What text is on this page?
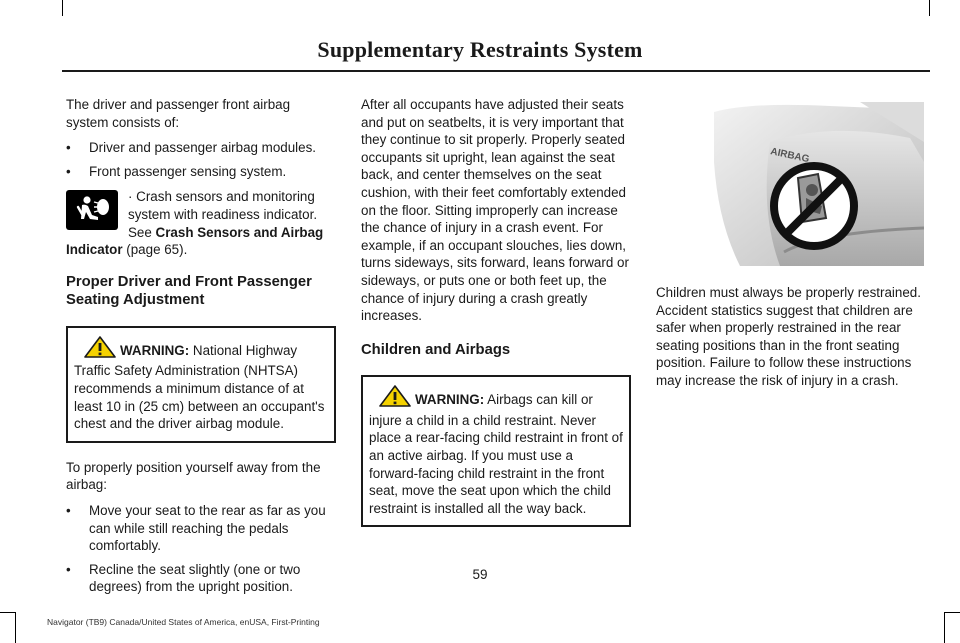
Supplementary Restraints System

The driver and passenger front airbag system consists of:

• Driver and passenger airbag modules.
• Front passenger sensing system.

· Crash sensors and monitoring system with readiness indicator. See Crash Sensors and Airbag Indicator (page 65).

Proper Driver and Front Passenger Seating Adjustment
WARNING: National Highway Traffic Safety Administration (NHTSA) recommends a minimum distance of at least 10 in (25 cm) between an occupant's chest and the driver airbag module.

To properly position yourself away from the airbag:

• Move your seat to the rear as far as you can while still reaching the pedals comfortably.
• Recline the seat slightly (one or two degrees) from the upright position.

After all occupants have adjusted their seats and put on seatbelts, it is very important that they continue to sit properly. Properly seated occupants sit upright, lean against the seat back, and center themselves on the seat cushion, with their feet comfortably extended on the floor. Sitting improperly can increase the chance of injury in a crash event. For example, if an occupant slouches, lies down, turns sideways, sits forward, leans forward or sideways, or puts one or both feet up, the chance of injury during a crash greatly increases.

Children and Airbags
WARNING: Airbags can kill or injure a child in a child restraint. Never place a rear-facing child restraint in front of an active airbag. If you must use a forward-facing child restraint in the front seat, move the seat upon which the child restraint is installed all the way back.
AIRBAG

Children must always be properly restrained. Accident statistics suggest that children are safer when properly restrained in the rear seating positions than in the front seating position. Failure to follow these instructions may increase the risk of injury in a crash.

59
Navigator (TB9) Canada/United States of America, enUSA, First-Printing
